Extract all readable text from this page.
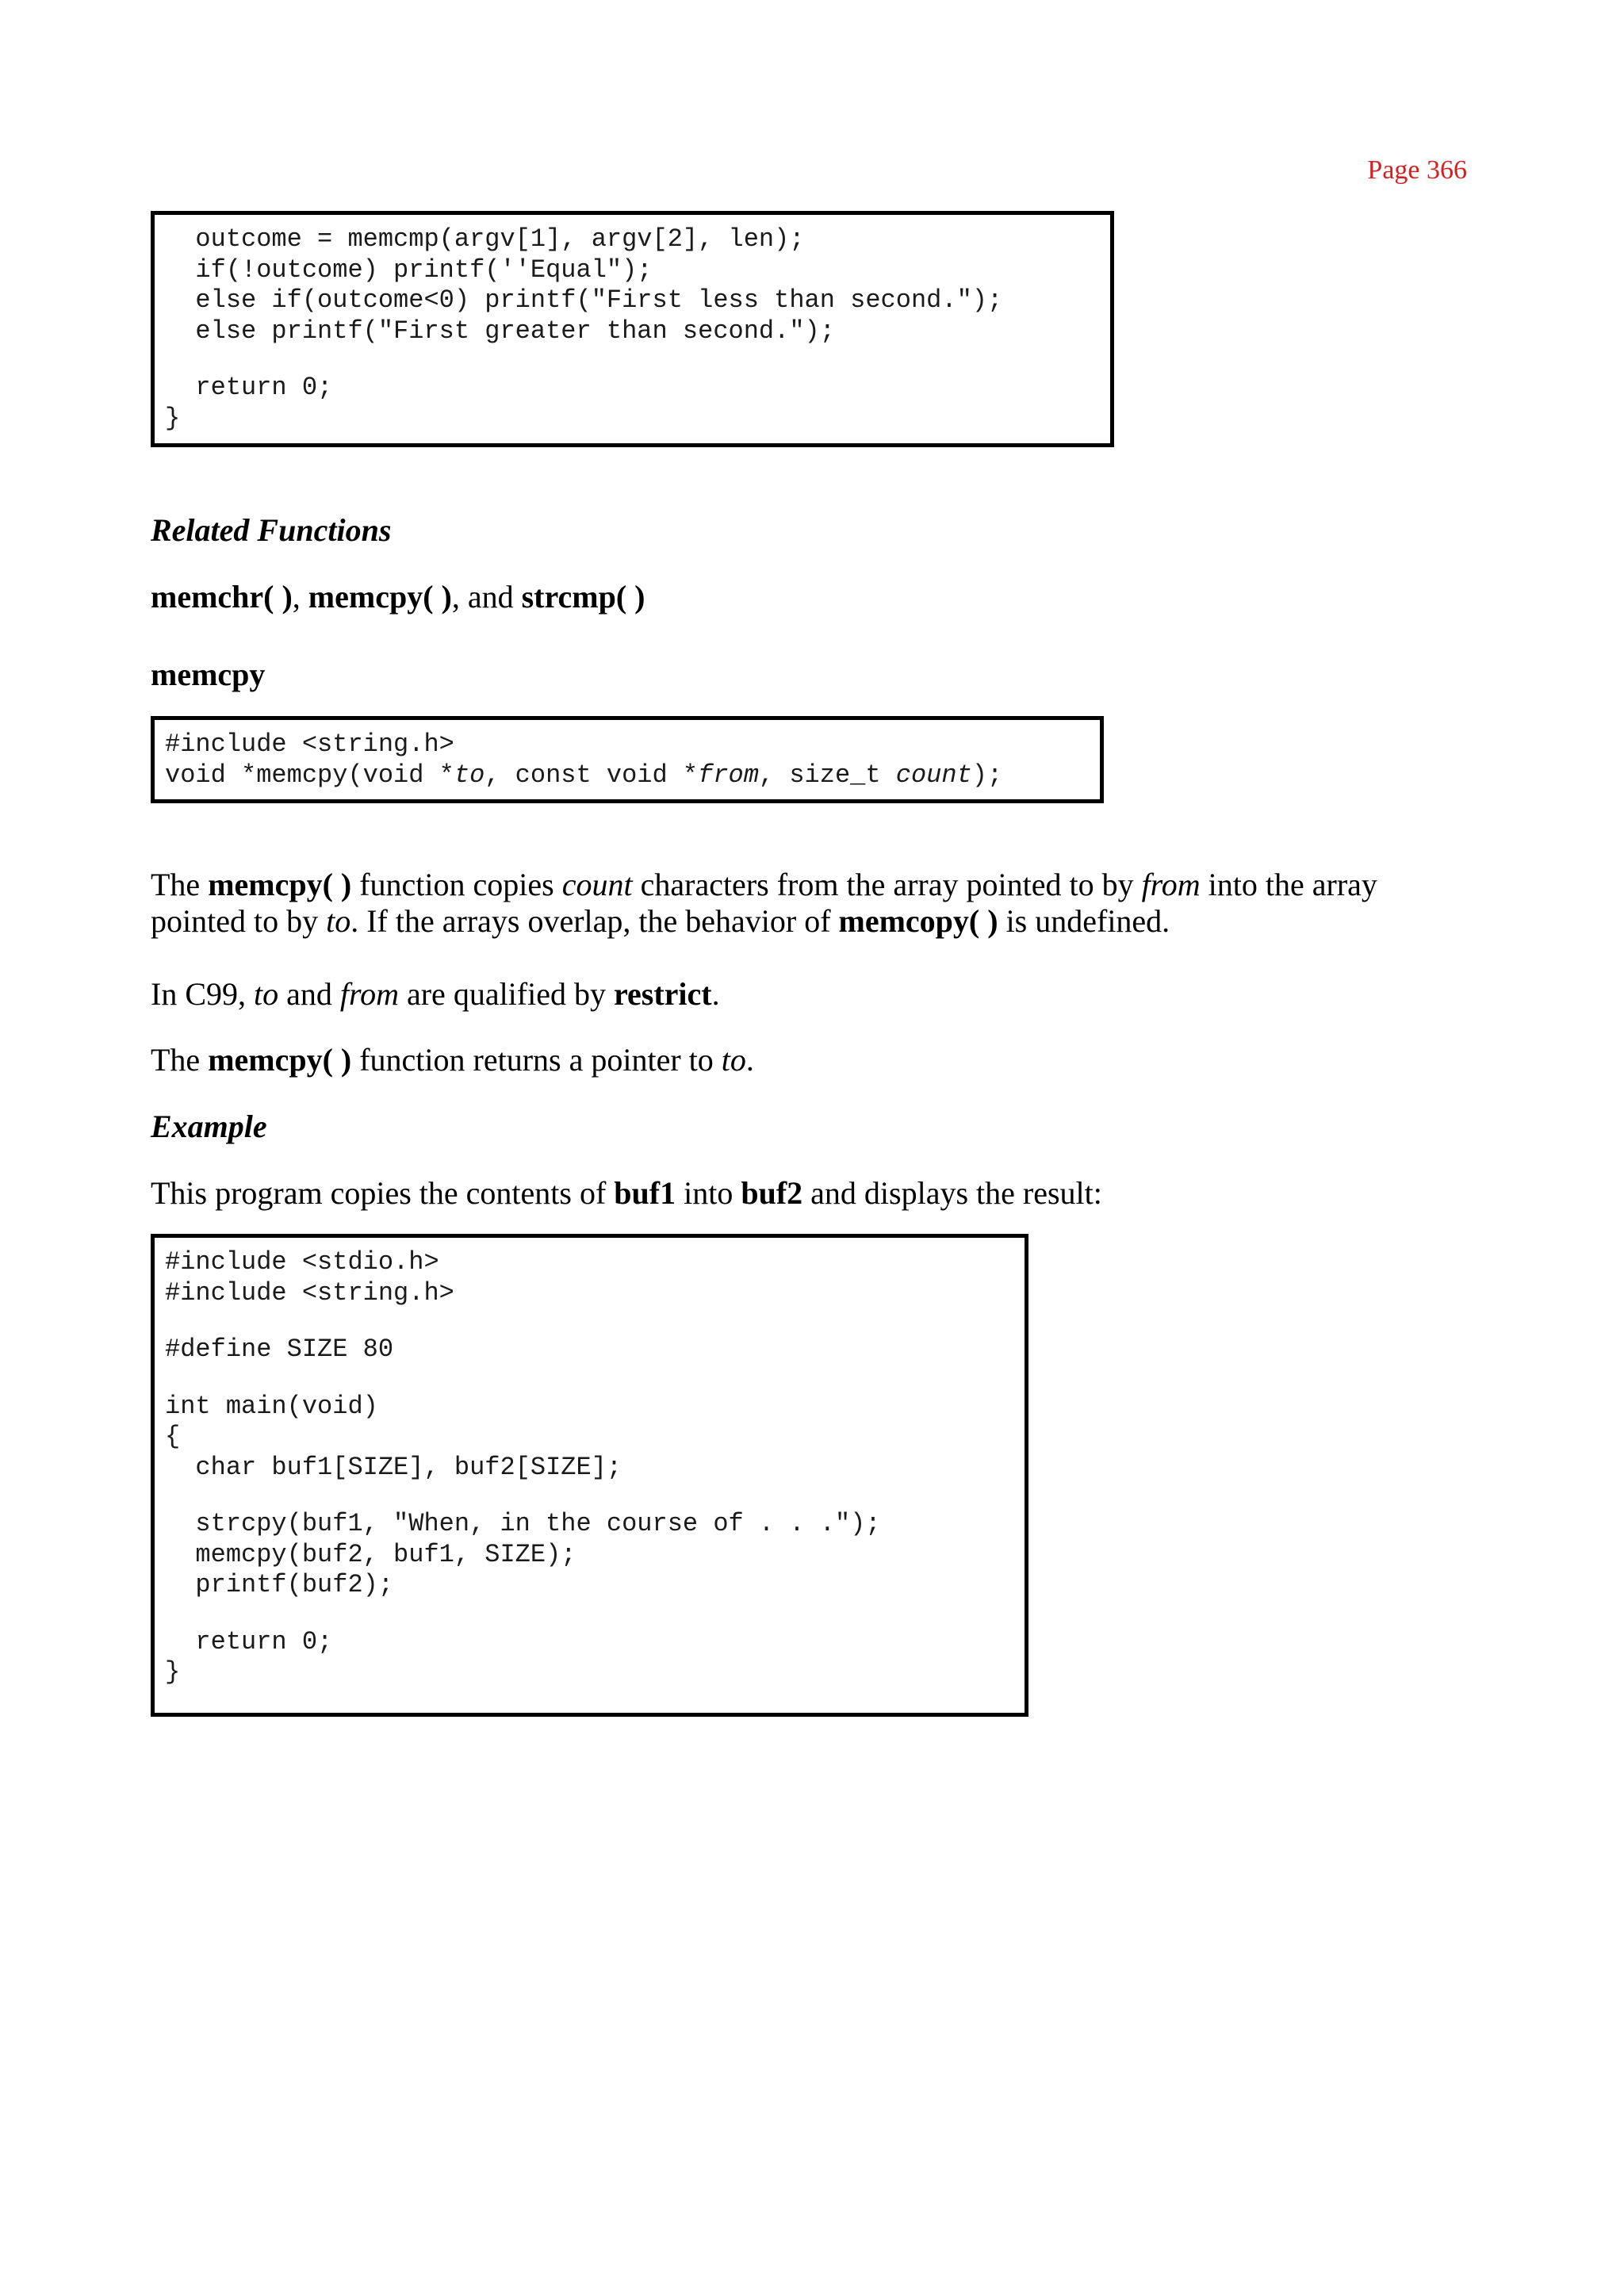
Page 366
outcome = memcmp(argv[1], argv[2], len);
if(!outcome) printf(''Equal");
else if(outcome<0) printf("First less than second.");
else printf("First greater than second.");
return 0;
}
Related Functions
memchr( ), memcpy( ), and strcmp( )
memcpy
#include <string.h>
void *memcpy(void *to, const void *from, size_t count);
The memcpy( ) function copies count characters from the array pointed to by from into the array pointed to by to. If the arrays overlap, the behavior of memcopy( ) is undefined.
In C99, to and from are qualified by restrict.
The memcpy( ) function returns a pointer to to.
Example
This program copies the contents of buf1 into buf2 and displays the result:
#include <stdio.h>
#include <string.h>
#define SIZE 80
int main(void)
{
char buf1[SIZE], buf2[SIZE];
strcpy(buf1, "When, in the course of . . .");
memcpy(buf2, buf1, SIZE);
printf(buf2);
return 0;
}
